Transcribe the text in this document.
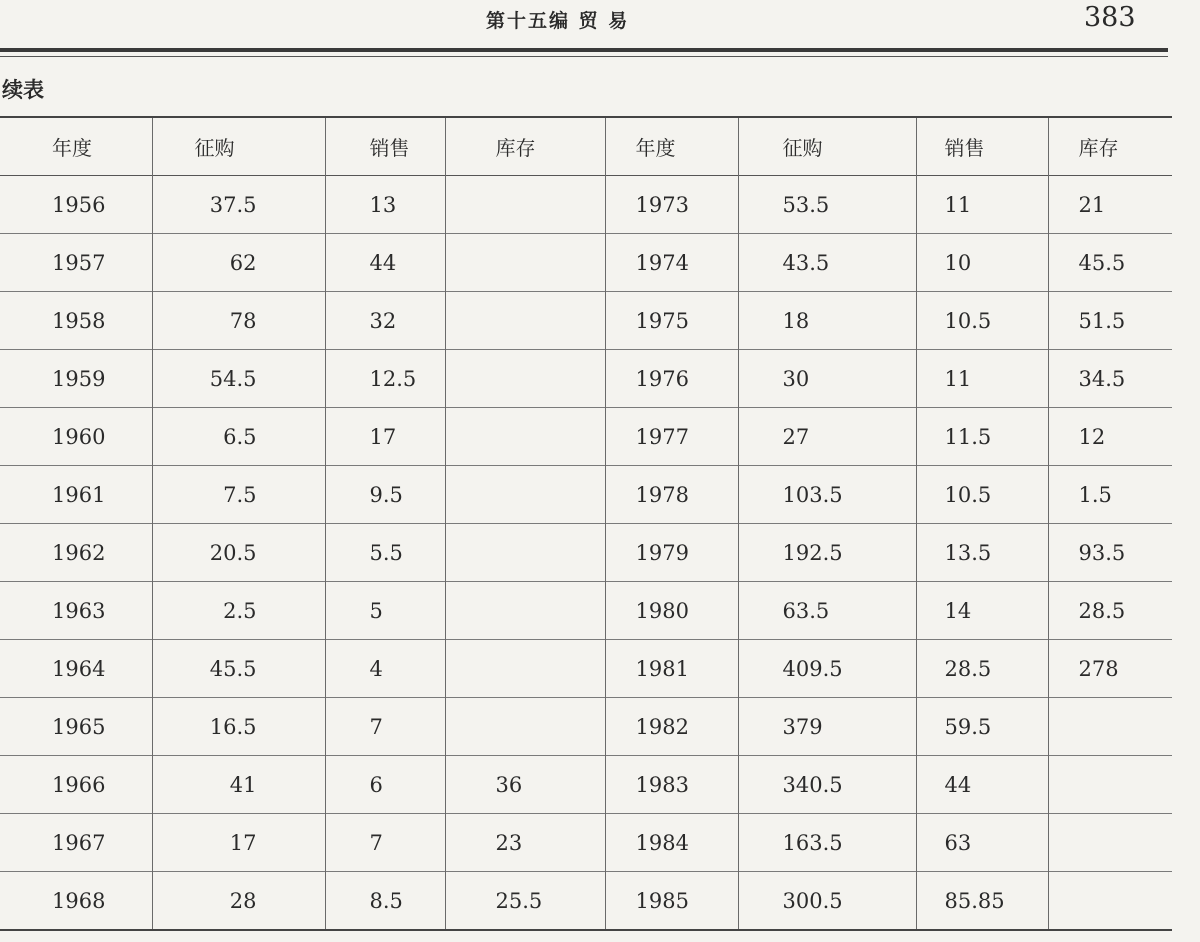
第十五编 贸 易	383
续表
年度	征购	销售	库存	年度	征购	销售	库存
1956	37.5	13		1973	53.5	11	21
1957	62	44		1974	43.5	10	45.5
1958	78	32		1975	18	10.5	51.5
1959	54.5	12.5		1976	30	11	34.5
1960	6.5	17		1977	27	11.5	12
1961	7.5	9.5		1978	103.5	10.5	1.5
1962	20.5	5.5		1979	192.5	13.5	93.5
1963	2.5	5		1980	63.5	14	28.5
1964	45.5	4		1981	409.5	28.5	278
1965	16.5	7		1982	379	59.5	
1966	41	6	36	1983	340.5	44	
1967	17	7	23	1984	163.5	63	
1968	28	8.5	25.5	1985	300.5	85.85	
